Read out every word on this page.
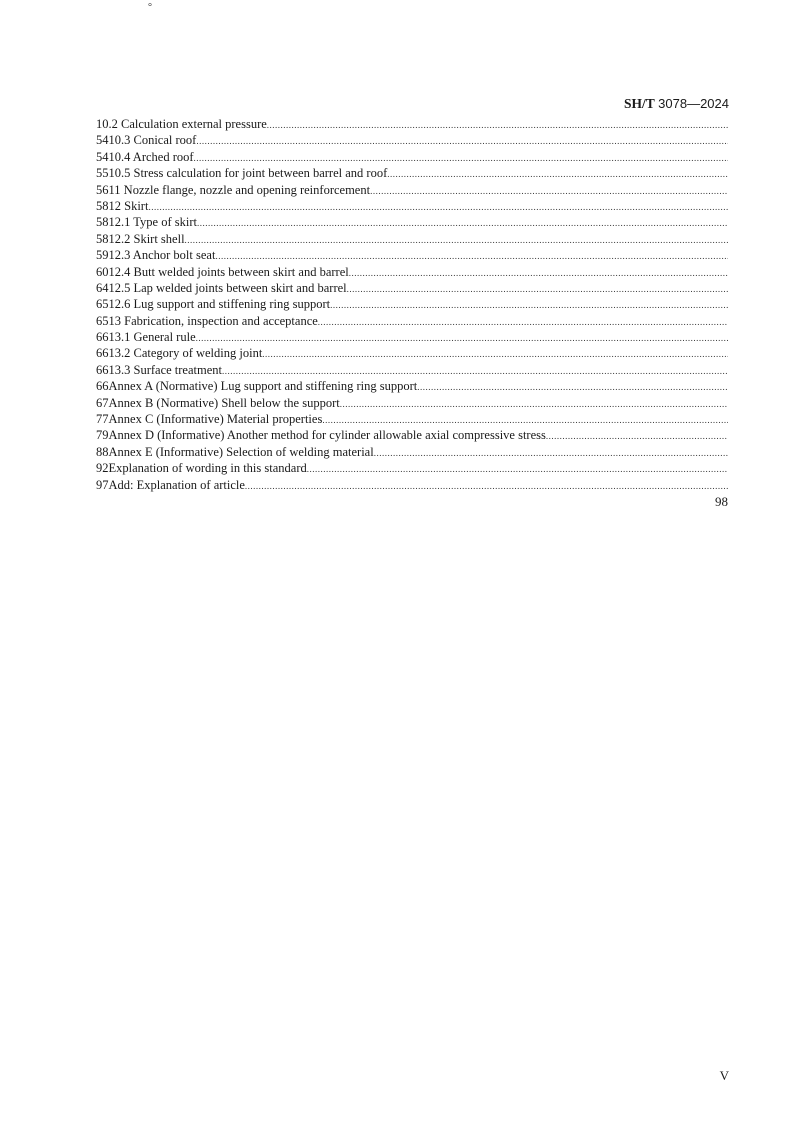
°
SH/T 3078—2024
10.2 Calculation external pressure
.....
5410.3 Conical roof
.....
5410.4 Arched roof
.....
5510.5 Stress calculation for joint between barrel and roof
.....
5611 Nozzle flange, nozzle and opening reinforcement
.....
5812 Skirt
.....
5812.1 Type of skirt
.....
5812.2 Skirt shell
.....
5912.3 Anchor bolt seat
.....
6012.4 Butt welded joints between skirt and barrel
.....
6412.5 Lap welded joints between skirt and barrel
.....
6512.6 Lug support and stiffening ring support
.....
6513 Fabrication, inspection and acceptance
.....
6613.1 General rule
.....
6613.2 Category of welding joint
.....
6613.3 Surface treatment
.....
66Annex A (Normative) Lug support and stiffening ring support
.....
67Annex B (Normative) Shell below the support
.....
77Annex C (Informative) Material properties
.....
79Annex D (Informative) Another method for cylinder allowable axial compressive stress
.....
88Annex E (Informative) Selection of welding material
.....
92Explanation of wording in this standard
.....
97Add: Explanation of article
.....
98
V
